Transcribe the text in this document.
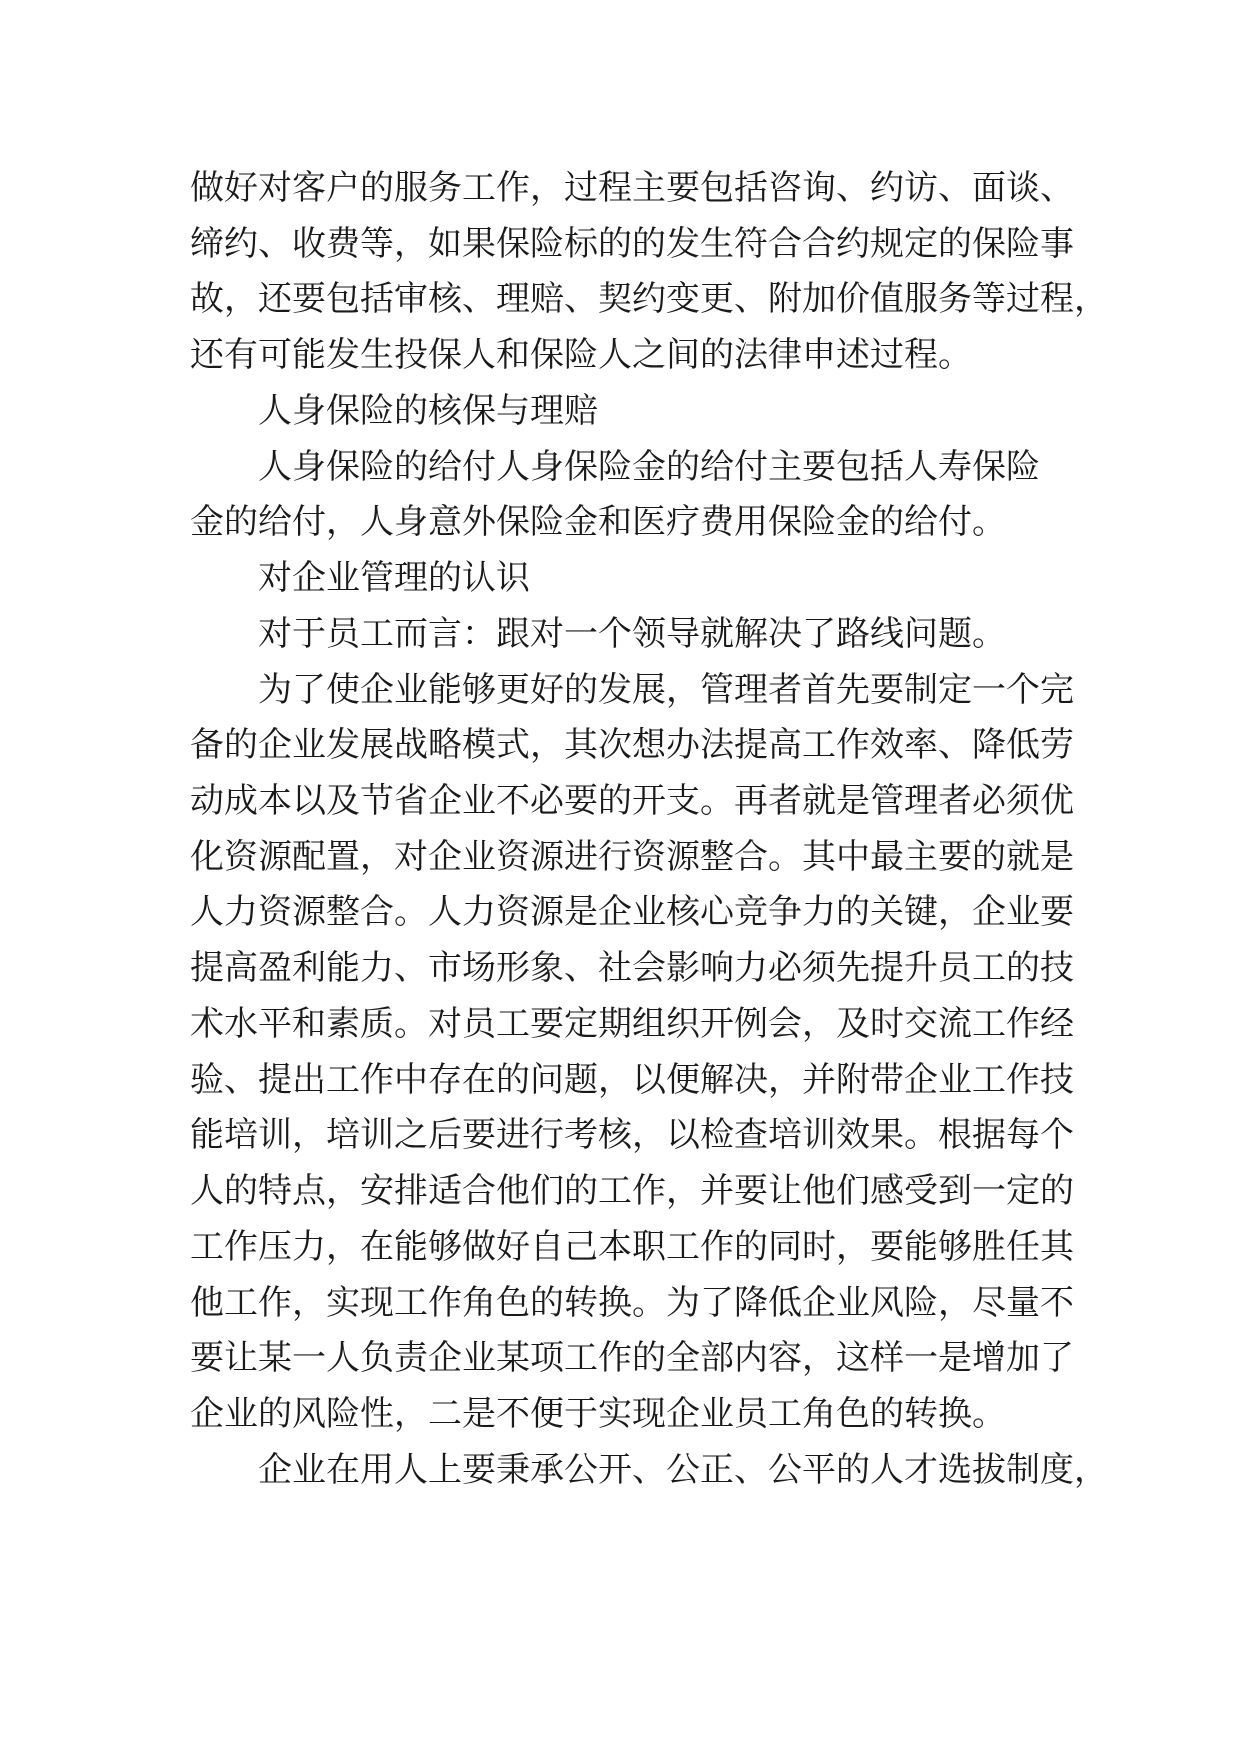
做好对客户的服务工作，过程主要包括咨询、约访、面谈、
缔约、收费等，如果保险标的的发生符合合约规定的保险事
故，还要包括审核、理赔、契约变更、附加价值服务等过程，
还有可能发生投保人和保险人之间的法律申述过程。
人身保险的核保与理赔
人身保险的给付人身保险金的给付主要包括人寿保险
金的给付，人身意外保险金和医疗费用保险金的给付。
对企业管理的认识
对于员工而言：跟对一个领导就解决了路线问题。
为了使企业能够更好的发展，管理者首先要制定一个完
备的企业发展战略模式，其次想办法提高工作效率、降低劳
动成本以及节省企业不必要的开支。再者就是管理者必须优
化资源配置，对企业资源进行资源整合。其中最主要的就是
人力资源整合。人力资源是企业核心竞争力的关键，企业要
提高盈利能力、市场形象、社会影响力必须先提升员工的技
术水平和素质。对员工要定期组织开例会，及时交流工作经
验、提出工作中存在的问题，以便解决，并附带企业工作技
能培训，培训之后要进行考核，以检查培训效果。根据每个
人的特点，安排适合他们的工作，并要让他们感受到一定的
工作压力，在能够做好自己本职工作的同时，要能够胜任其
他工作，实现工作角色的转换。为了降低企业风险，尽量不
要让某一人负责企业某项工作的全部内容，这样一是增加了
企业的风险性，二是不便于实现企业员工角色的转换。
企业在用人上要秉承公开、公正、公平的人才选拔制度，
